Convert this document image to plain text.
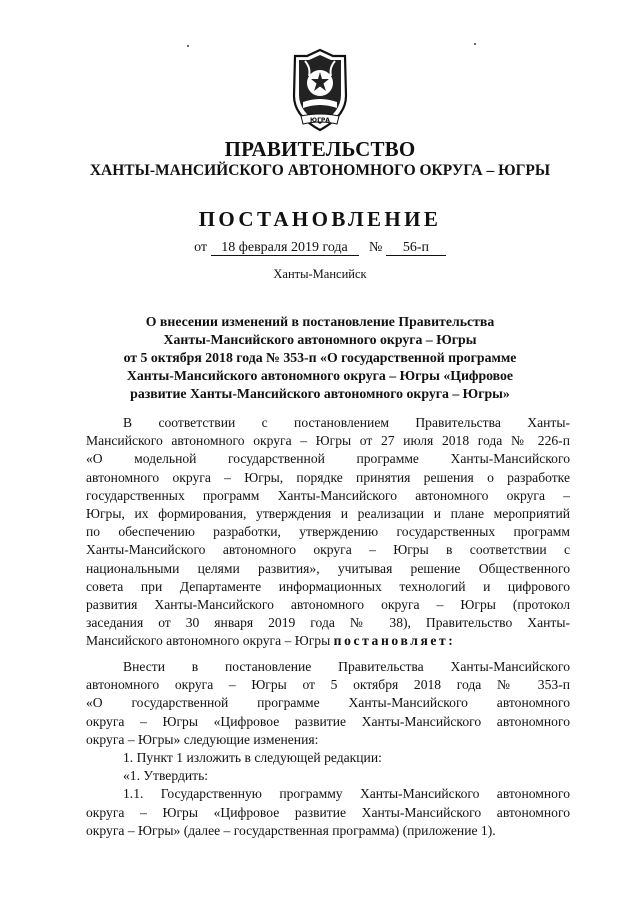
ЮГРА
ПРАВИТЕЛЬСТВО
ХАНТЫ-МАНСИЙСКОГО АВТОНОМНОГО ОКРУГА – ЮГРЫ
ПОСТАНОВЛЕНИЕ
от 18 февраля 2019 года № 56-п
Ханты-Мансийск
О внесении изменений в постановление Правительства
Ханты-Мансийского автономного округа – Югры
от 5 октября 2018 года № 353-п «О государственной программе
Ханты-Мансийского автономного округа – Югры «Цифровое
развитие Ханты-Мансийского автономного округа – Югры»
В соответствии с постановлением Правительства Ханты-
Мансийского автономного округа – Югры от 27 июля 2018 года № 226-п
«О модельной государственной программе Ханты-Мансийского
автономного округа – Югры, порядке принятия решения о разработке
государственных программ Ханты-Мансийского автономного округа –
Югры, их формирования, утверждения и реализации и плане мероприятий
по обеспечению разработки, утверждению государственных программ
Ханты-Мансийского автономного округа – Югры в соответствии с
национальными целями развития», учитывая решение Общественного
совета при Департаменте информационных технологий и цифрового
развития Ханты-Мансийского автономного округа – Югры (протокол
заседания от 30 января 2019 года № 38), Правительство Ханты-
Мансийского автономного округа – Югры постановляет:
Внести в постановление Правительства Ханты-Мансийского
автономного округа – Югры от 5 октября 2018 года № 353-п
«О государственной программе Ханты-Мансийского автономного
округа – Югры «Цифровое развитие Ханты-Мансийского автономного
округа – Югры» следующие изменения:
1. Пункт 1 изложить в следующей редакции:
«1. Утвердить:
1.1. Государственную программу Ханты-Мансийского автономного
округа – Югры «Цифровое развитие Ханты-Мансийского автономного
округа – Югры» (далее – государственная программа) (приложение 1).
